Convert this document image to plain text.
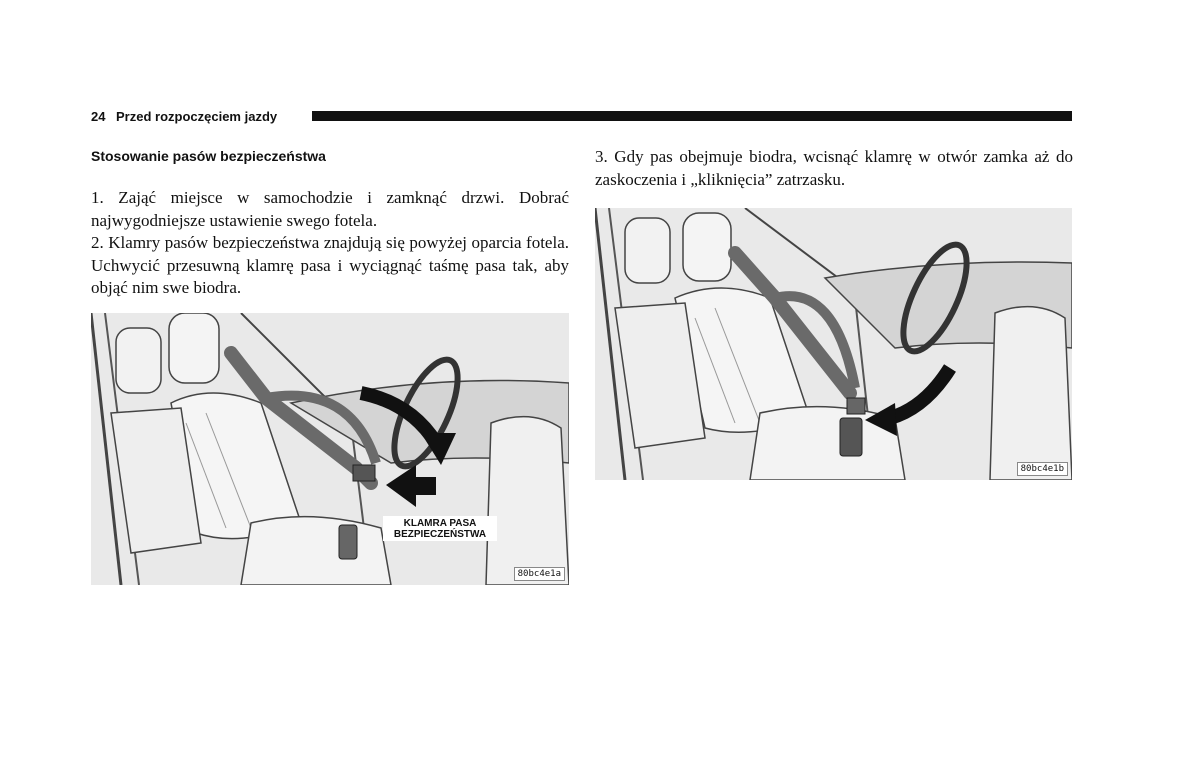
24 Przed rozpoczęciem jazdy
Stosowanie pasów bezpieczeństwa

1. Zająć miejsce w samochodzie i zamknąć drzwi. Dobrać najwygodniejsze ustawienie swego fotela.

2. Klamry pasów bezpieczeństwa znajdują się powyżej oparcia fotela. Uchwycić przesuwną klamrę pasa i wyciągnąć taśmę pasa tak, aby objąć nim swe biodra.

3. Gdy pas obejmuje biodra, wcisnąć klamrę w otwór zamka aż do zaskoczenia i „kliknięcia” zatrzasku.

KLAMRA PASA
BEZPIECZEŃSTWA
80bc4e1a
80bc4e1b
